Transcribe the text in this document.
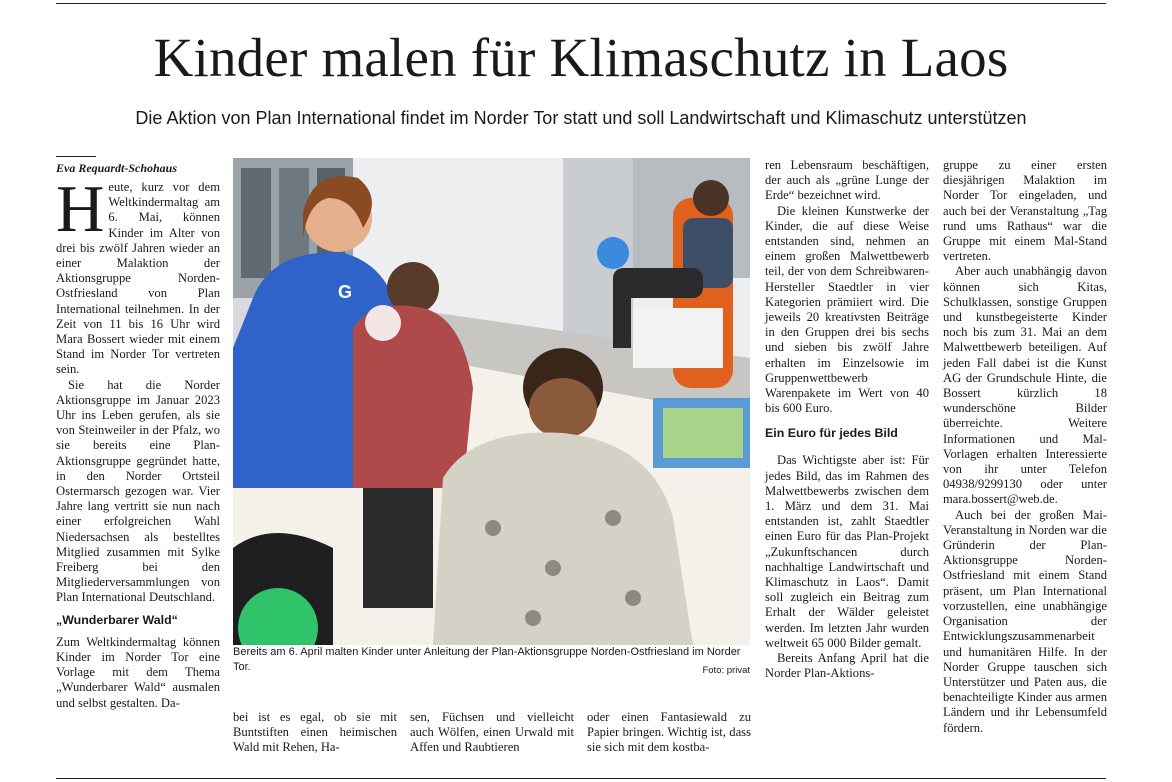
Kinder malen für Klimaschutz in Laos
Die Aktion von Plan International findet im Norder Tor statt und soll Landwirtschaft und Klimaschutz unterstützen
Eva Requardt-Schohaus

Heute, kurz vor dem Weltkindermaltag am 6. Mai, können Kinder im Alter von drei bis zwölf Jahren wieder an einer Malaktion der Aktionsgruppe Norden-Ostfriesland von Plan International teilnehmen. In der Zeit von 11 bis 16 Uhr wird Mara Bossert wieder mit einem Stand im Norder Tor vertreten sein.

Sie hat die Norder Aktionsgruppe im Januar 2023 Uhr ins Leben gerufen, als sie von Steinweiler in der Pfalz, wo sie bereits eine Plan-Aktionsgruppe gegründet hatte, in den Norder Ortsteil Ostermarsch gezogen war. Vier Jahre lang vertritt sie nun nach einer erfolgreichen Wahl Niedersachsen als bestelltes Mitglied zusammen mit Sylke Freiberg bei den Mitgliederversammlungen von Plan International Deutschland.

„Wunderbarer Wald“

Zum Weltkindermaltag können Kinder im Norder Tor eine Vorlage mit dem Thema „Wunderbarer Wald“ ausmalen und selbst gestalten. Da-

G
Bereits am 6. April malten Kinder unter Anleitung der Plan-Aktionsgruppe Norden-Ostfriesland im Norder Tor.	Foto: privat

bei ist es egal, ob sie mit Buntstiften einen heimischen Wald mit Rehen, Ha-

sen, Füchsen und vielleicht auch Wölfen, einen Urwald mit Affen und Raubtieren

oder einen Fantasiewald zu Papier bringen. Wichtig ist, dass sie sich mit dem kostba-

ren Lebensraum beschäftigen, der auch als „grüne Lunge der Erde“ bezeichnet wird.

Die kleinen Kunstwerke der Kinder, die auf diese Weise entstanden sind, nehmen an einem großen Malwettbewerb teil, der von dem Schreibwaren-Hersteller Staedtler in vier Kategorien prämiiert wird. Die jeweils 20 kreativsten Beiträge in den Gruppen drei bis sechs und sieben bis zwölf Jahre erhalten im Einzelsowie im Gruppenwettbewerb Warenpakete im Wert von 40 bis 600 Euro.

Ein Euro für jedes Bild

Das Wichtigste aber ist: Für jedes Bild, das im Rahmen des Malwettbewerbs zwischen dem 1. März und dem 31. Mai entstanden ist, zahlt Staedtler einen Euro für das Plan-Projekt „Zukunftschancen durch nachhaltige Landwirtschaft und Klimaschutz in Laos“. Damit soll zugleich ein Beitrag zum Erhalt der Wälder geleistet werden. Im letzten Jahr wurden weltweit 65 000 Bilder gemalt.

Bereits Anfang April hat die Norder Plan-Aktions-

gruppe zu einer ersten diesjährigen Malaktion im Norder Tor eingeladen, und auch bei der Veranstaltung „Tag rund ums Rathaus“ war die Gruppe mit einem Mal-Stand vertreten.

Aber auch unabhängig davon können sich Kitas, Schulklassen, sonstige Gruppen und kunstbegeisterte Kinder noch bis zum 31. Mai an dem Malwettbewerb beteiligen. Auf jeden Fall dabei ist die Kunst AG der Grundschule Hinte, die Bossert kürzlich 18 wunderschöne Bilder überreichte. Weitere Informationen und Mal-Vorlagen erhalten Interessierte von ihr unter Telefon 04938/9299130 oder unter mara.bossert@web.de.

Auch bei der großen Mai-Veranstaltung in Norden war die Gründerin der Plan-Aktionsgruppe Norden-Ostfriesland mit einem Stand präsent, um Plan International vorzustellen, eine unabhängige Organisation der Entwicklungszusammenarbeit und humanitären Hilfe. In der Norder Gruppe tauschen sich Unterstützer und Paten aus, die benachteiligte Kinder aus armen Ländern und ihr Lebensumfeld fördern.
